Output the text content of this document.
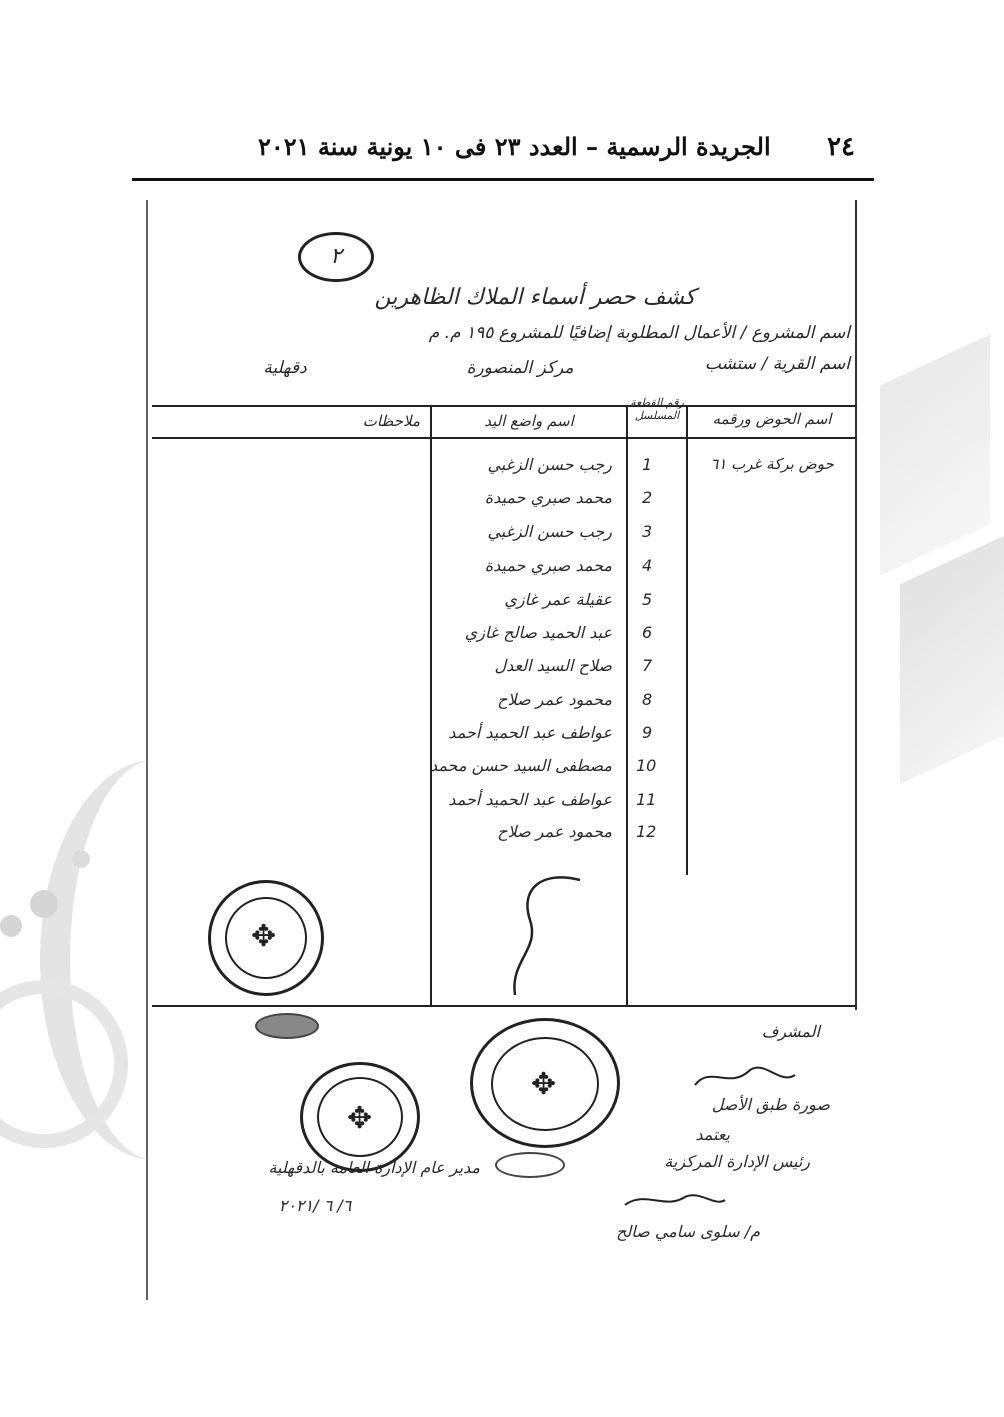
٢٤
الجريدة الرسمية – العدد ٢٣ فى ١٠ يونية سنة ٢٠٢١
٢
كشف حصر أسماء الملاك الظاهرين
اسم المشروع / الأعمال المطلوبة إضافيًا للمشروع ١٩٥ م. م
اسم القرية / ستشب
مركز المنصورة
دقهلية
اسم الحوض ورقمه
رقم القطعة المسلسل
اسم واضع اليد
ملاحظات
حوض بركة غرب ٦١
1
رجب حسن الزغبي
2
محمد صبري حميدة
3
رجب حسن الزغبي
4
محمد صبري حميدة
5
عقيلة عمر غازي
6
عبد الحميد صالح غازي
7
صلاح السيد العدل
8
محمود عمر صلاح
9
عواطف عبد الحميد أحمد
10
مصطفى السيد حسن محمد
11
عواطف عبد الحميد أحمد
12
محمود عمر صلاح
✥
✥
✥
المشرف
صورة طبق الأصل
يعتمد
رئيس الإدارة المركزية
م/ سلوى سامي صالح
مدير عام الإدارة العامة بالدقهلية
٦/ ٦ /٢٠٢١
